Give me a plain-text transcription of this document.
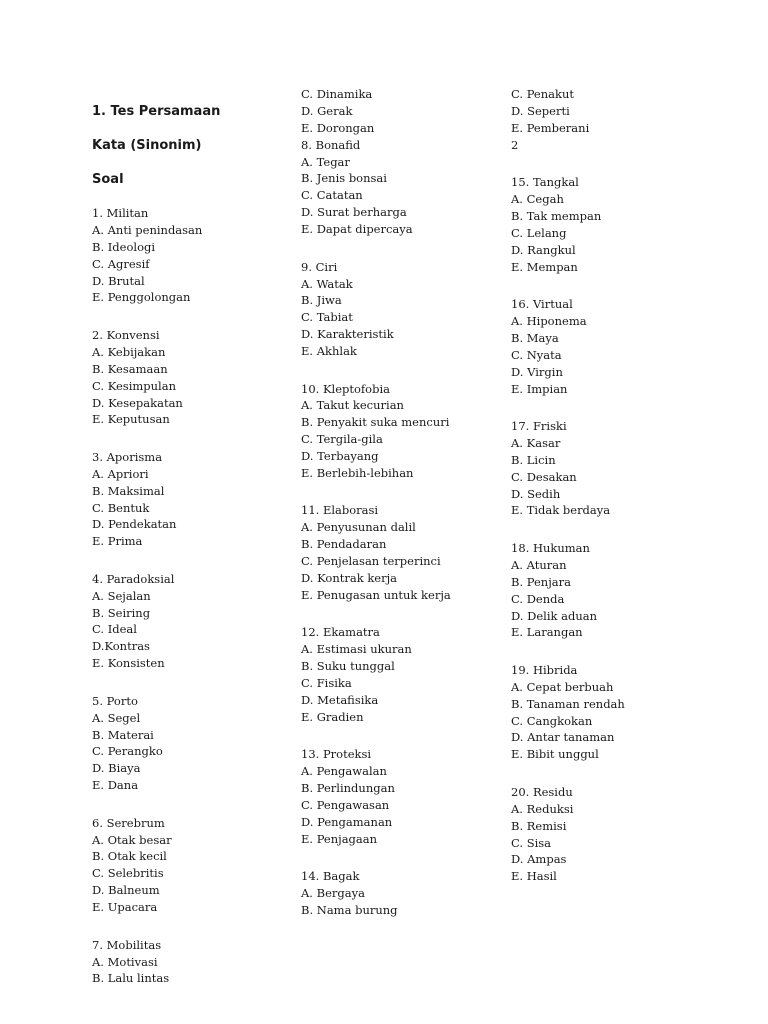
1. Tes Persamaan

Kata (Sinonim)

Soal

1. Militan
A. Anti penindasan
B. Ideologi
C. Agresif
D. Brutal
E. Penggolongan
2. Konvensi
A. Kebijakan
B. Kesamaan
C. Kesimpulan
D. Kesepakatan
E. Keputusan
3. Aporisma
A. Apriori
B. Maksimal
C. Bentuk
D. Pendekatan
E. Prima
4. Paradoksial
A. Sejalan
B. Seiring
C. Ideal
D.Kontras
E. Konsisten
5. Porto
A. Segel
B. Materai
C. Perangko
D. Biaya
E. Dana
6. Serebrum
A. Otak besar
B. Otak kecil
C. Selebritis
D. Balneum
E. Upacara
7. Mobilitas
A. Motivasi
B. Lalu lintas
C. Dinamika
D. Gerak
E. Dorongan
8. Bonafid
A. Tegar
B. Jenis bonsai
C. Catatan
D. Surat berharga
E. Dapat dipercaya
9. Ciri
A. Watak
B. Jiwa
C. Tabiat
D. Karakteristik
E. Akhlak
10. Kleptofobia
A. Takut kecurian
B. Penyakit suka mencuri
C. Tergila-gila
D. Terbayang
E. Berlebih-lebihan
11. Elaborasi
A. Penyusunan dalil
B. Pendadaran
C. Penjelasan terperinci
D. Kontrak kerja
E. Penugasan untuk kerja
12. Ekamatra
A. Estimasi ukuran
B. Suku tunggal
C. Fisika
D. Metafisika
E. Gradien
13. Proteksi
A. Pengawalan
B. Perlindungan
C. Pengawasan
D. Pengamanan
E. Penjagaan
14. Bagak
A. Bergaya
B. Nama burung
C. Penakut
D. Seperti
E. Pemberani
2
15. Tangkal
A. Cegah
B. Tak mempan
C. Lelang
D. Rangkul
E. Mempan
16. Virtual
A. Hiponema
B. Maya
C. Nyata
D. Virgin
E. Impian
17. Friski
A. Kasar
B. Licin
C. Desakan
D. Sedih
E. Tidak berdaya
18. Hukuman
A. Aturan
B. Penjara
C. Denda
D. Delik aduan
E. Larangan
19. Hibrida
A. Cepat berbuah
B. Tanaman rendah
C. Cangkokan
D. Antar tanaman
E. Bibit unggul
20. Residu
A. Reduksi
B. Remisi
C. Sisa
D. Ampas
E. Hasil
